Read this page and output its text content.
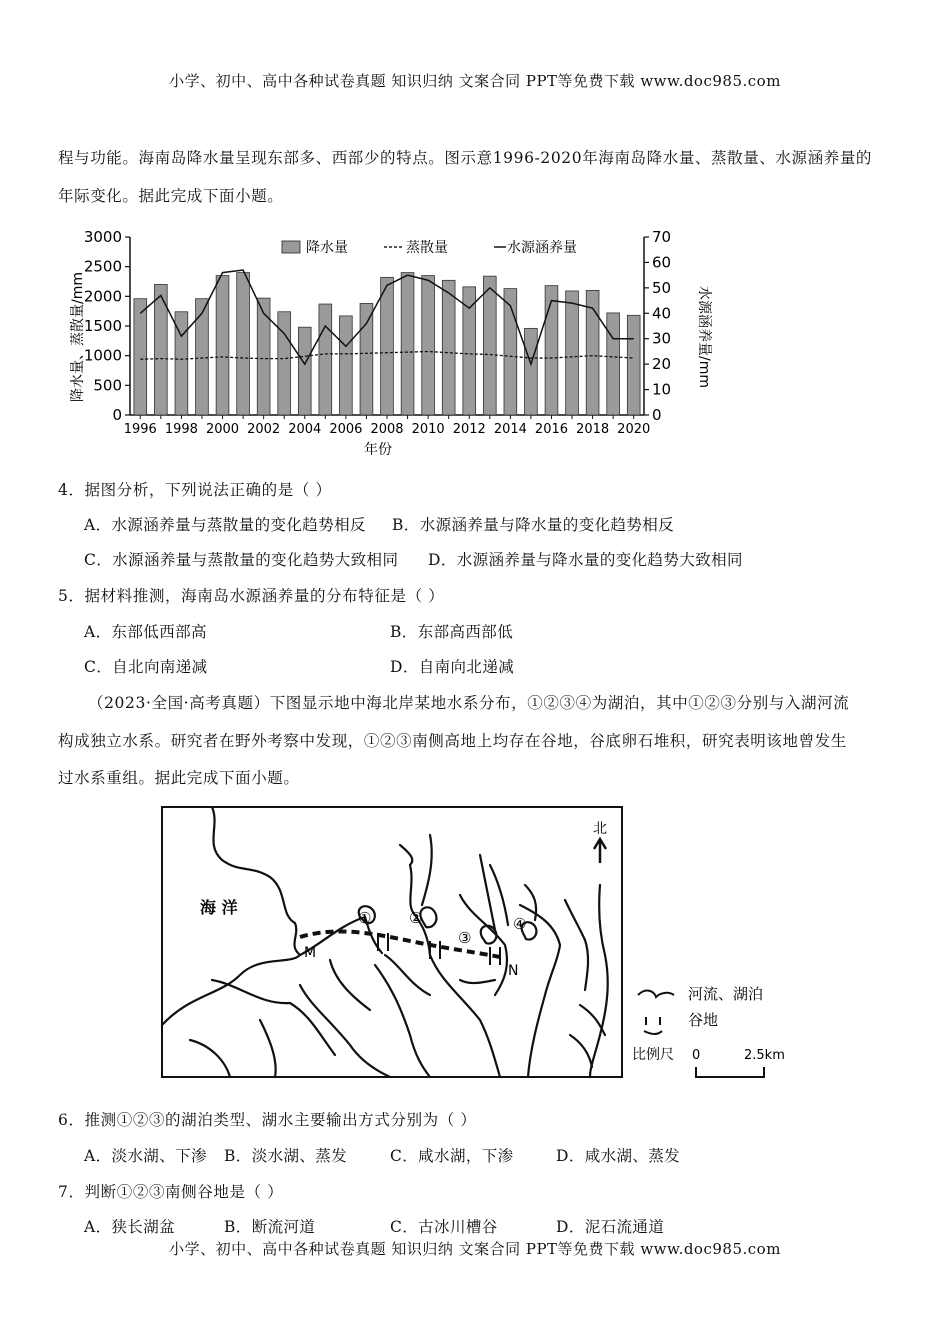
小学、初中、高中各种试卷真题 知识归纳 文案合同 PPT等免费下载 www.doc985.com
程与功能。海南岛降水量呈现东部多、西部少的特点。图示意1996-2020年海南岛降水量、蒸散量、水源涵养量的
年际变化。据此完成下面小题。
0
500
1000
1500
2000
2500
3000
0
10
20
30
40
50
60
70
1996 1998 2000 2002 2004 2006 2008 2010 2012 2014 2016 2018 2020
降水量	蒸散量	水源涵养量
年份
降水量、蒸散量/mm	水源涵养量/mm
4．据图分析，下列说法正确的是（ ）
A．水源涵养量与蒸散量的变化趋势相反 B．水源涵养量与降水量的变化趋势相反
C．水源涵养量与蒸散量的变化趋势大致相同 D．水源涵养量与降水量的变化趋势大致相同
5．据材料推测，海南岛水源涵养量的分布特征是（ ）
A．东部低西部高	B．东部高西部低
C．自北向南递减	D．自南向北递减
（2023·全国·高考真题）下图显示地中海北岸某地水系分布，①②③④为湖泊，其中①②③分别与入湖河流
构成独立水系。研究者在野外考察中发现，①②③南侧高地上均存在谷地，谷底卵石堆积，研究表明该地曾发生
过水系重组。据此完成下面小题。
海 洋
北
①	②
③
④
M
N
河流、湖泊
谷地
比例尺 0	2.5km
6．推测①②③的湖泊类型、湖水主要输出方式分别为（ ）
A．淡水湖、下渗 B．淡水湖、蒸发	C．咸水湖，下渗	D．咸水湖、蒸发
7．判断①②③南侧谷地是（ ）
A．狭长湖盆	B．断流河道	C．古冰川槽谷	D．泥石流通道
小学、初中、高中各种试卷真题 知识归纳 文案合同 PPT等免费下载 www.doc985.com
